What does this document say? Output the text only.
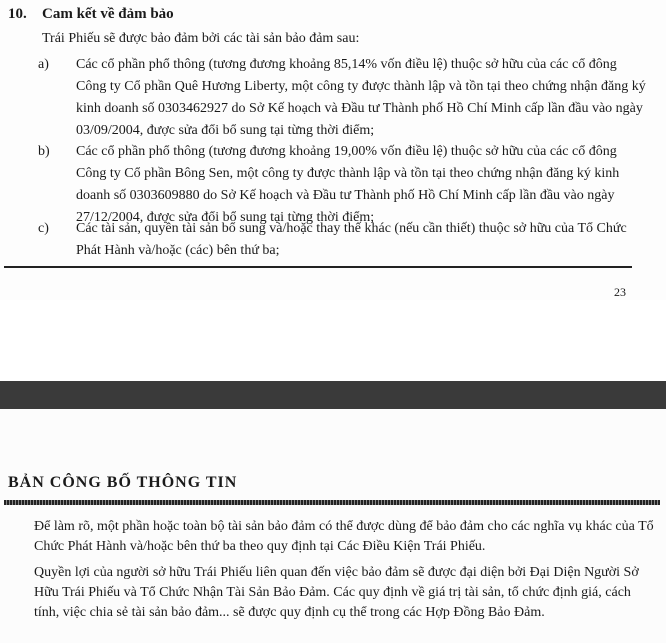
10. Cam kết về đảm bảo
Trái Phiếu sẽ được bảo đảm bởi các tài sản bảo đảm sau:
a) Các cổ phần phổ thông (tương đương khoảng 85,14% vốn điều lệ) thuộc sở hữu của các cổ đông Công ty Cổ phần Quê Hương Liberty, một công ty được thành lập và tồn tại theo chứng nhận đăng ký kinh doanh số 0303462927 do Sở Kế hoạch và Đầu tư Thành phố Hồ Chí Minh cấp lần đầu vào ngày 03/09/2004, được sửa đổi bổ sung tại từng thời điểm;
b) Các cổ phần phổ thông (tương đương khoảng 19,00% vốn điều lệ) thuộc sở hữu của các cổ đông Công ty Cổ phần Bông Sen, một công ty được thành lập và tồn tại theo chứng nhận đăng ký kinh doanh số 0303609880 do Sở Kế hoạch và Đầu tư Thành phố Hồ Chí Minh cấp lần đầu vào ngày 27/12/2004, được sửa đổi bổ sung tại từng thời điểm;
c) Các tài sản, quyền tài sản bổ sung và/hoặc thay thế khác (nếu cần thiết) thuộc sở hữu của Tổ Chức Phát Hành và/hoặc (các) bên thứ ba;
23
BẢN CÔNG BỐ THÔNG TIN
Để làm rõ, một phần hoặc toàn bộ tài sản bảo đảm có thể được dùng để bảo đảm cho các nghĩa vụ khác của Tổ Chức Phát Hành và/hoặc bên thứ ba theo quy định tại Các Điều Kiện Trái Phiếu.
Quyền lợi của người sở hữu Trái Phiếu liên quan đến việc bảo đảm sẽ được đại diện bởi Đại Diện Người Sở Hữu Trái Phiếu và Tổ Chức Nhận Tài Sản Bảo Đảm. Các quy định về giá trị tài sản, tổ chức định giá, cách tính, việc chia sẻ tài sản bảo đảm... sẽ được quy định cụ thể trong các Hợp Đồng Bảo Đảm.
